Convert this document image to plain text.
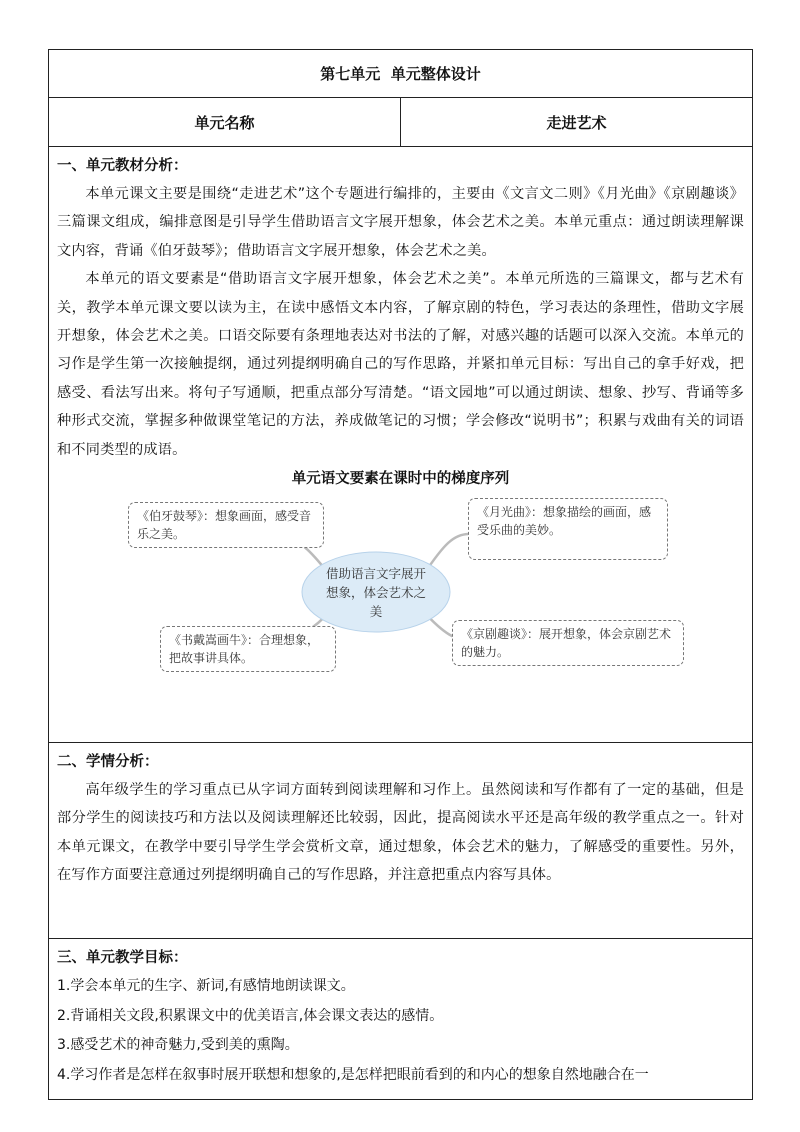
第七单元  单元整体设计
单元名称	走进艺术
一、单元教材分析：

本单元课文主要是围绕“走进艺术”这个专题进行编排的，主要由《文言文二则》《月光曲》《京剧趣谈》三篇课文组成，编排意图是引导学生借助语言文字展开想象，体会艺术之美。本单元重点：通过朗读理解课文内容，背诵《伯牙鼓琴》；借助语言文字展开想象，体会艺术之美。

本单元的语文要素是“借助语言文字展开想象，体会艺术之美”。本单元所选的三篇课文，都与艺术有关，教学本单元课文要以读为主，在读中感悟文本内容，了解京剧的特色，学习表达的条理性，借助文字展开想象，体会艺术之美。口语交际要有条理地表达对书法的了解，对感兴趣的话题可以深入交流。本单元的习作是学生第一次接触提纲，通过列提纲明确自己的写作思路，并紧扣单元目标：写出自己的拿手好戏，把感受、看法写出来。将句子写通顺，把重点部分写清楚。“语文园地”可以通过朗读、想象、抄写、背诵等多种形式交流，掌握多种做课堂笔记的方法，养成做笔记的习惯；学会修改“说明书”；积累与戏曲有关的词语和不同类型的成语。

单元语文要素在课时中的梯度序列
借助语言文字展开想象，体会艺术之美
《伯牙鼓琴》：想象画面，感受音乐之美。
《月光曲》：想象描绘的画面，感受乐曲的美妙。
《书戴嵩画牛》：合理想象，把故事讲具体。
《京剧趣谈》：展开想象，体会京剧艺术的魅力。
二、学情分析：

高年级学生的学习重点已从字词方面转到阅读理解和习作上。虽然阅读和写作都有了一定的基础，但是部分学生的阅读技巧和方法以及阅读理解还比较弱，因此，提高阅读水平还是高年级的教学重点之一。针对本单元课文，在教学中要引导学生学会赏析文章，通过想象，体会艺术的魅力，了解感受的重要性。另外，在写作方面要注意通过列提纲明确自己的写作思路，并注意把重点内容写具体。

三、单元教学目标：

1.学会本单元的生字、新词,有感情地朗读课文。

2.背诵相关文段,积累课文中的优美语言,体会课文表达的感情。

3.感受艺术的神奇魅力,受到美的熏陶。

4.学习作者是怎样在叙事时展开联想和想象的,是怎样把眼前看到的和内心的想象自然地融合在一
